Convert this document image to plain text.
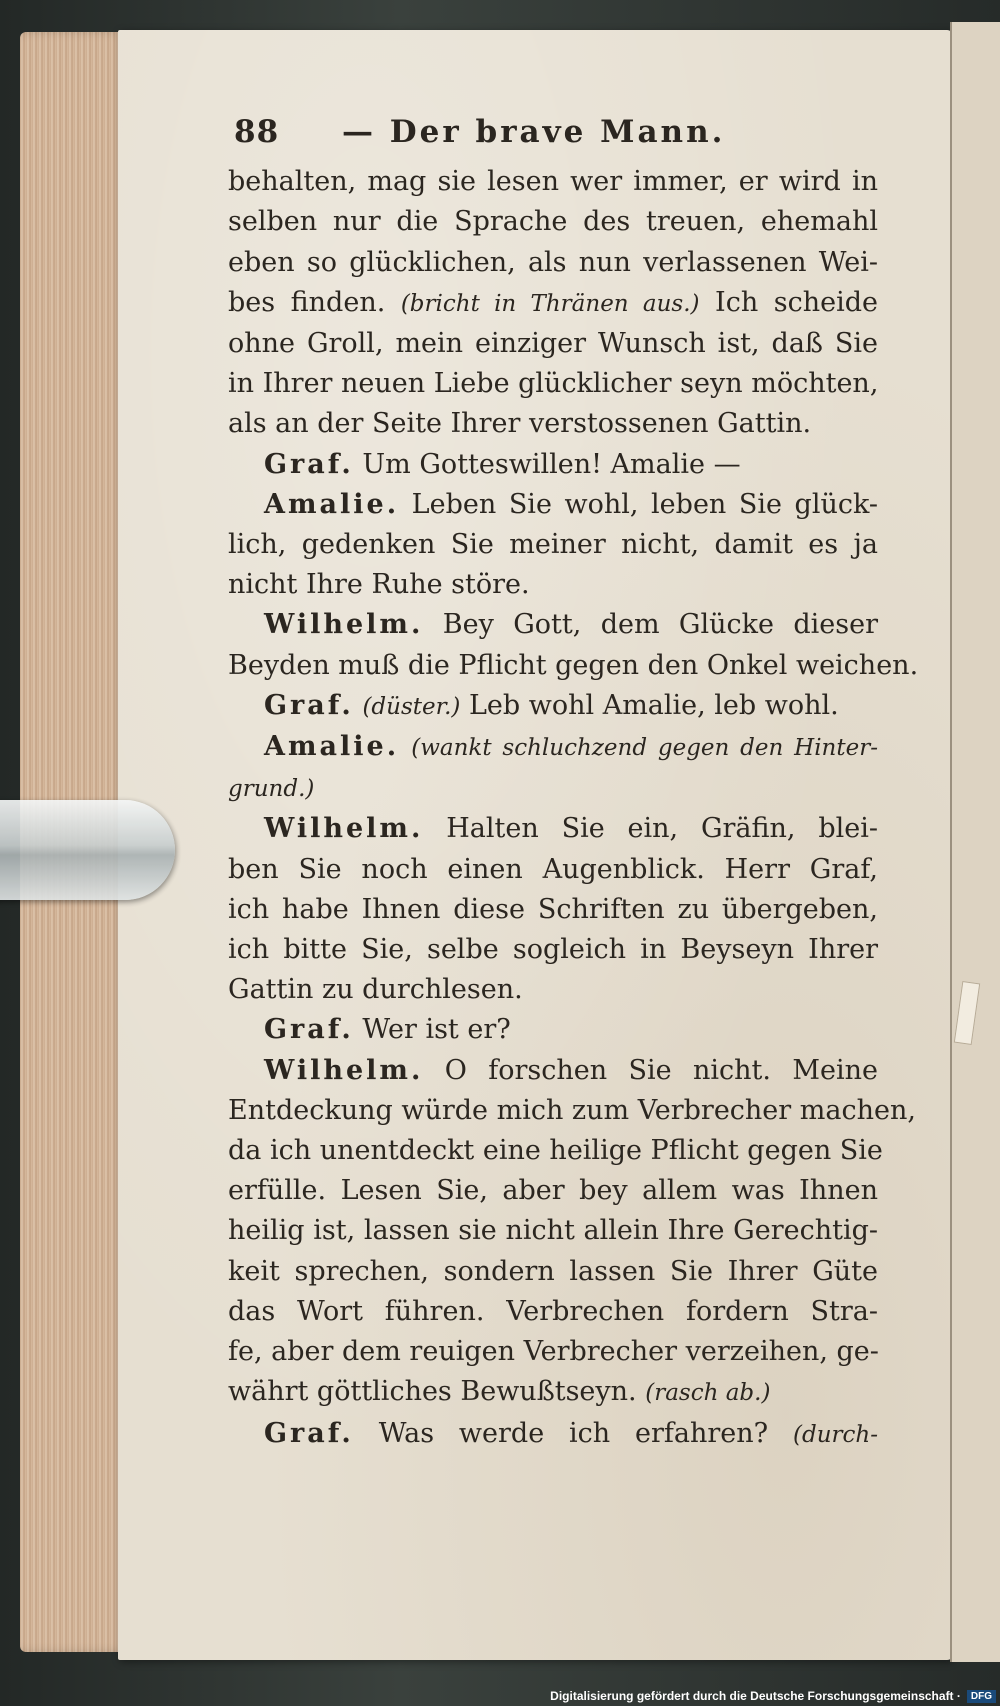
88	— Der brave Mann.
behalten, mag sie lesen wer immer, er wird in
selben nur die Sprache des treuen, ehemahl
eben so glücklichen, als nun verlassenen Wei-
bes finden. (bricht in Thränen aus.) Ich scheide
ohne Groll, mein einziger Wunsch ist, daß Sie
in Ihrer neuen Liebe glücklicher seyn möchten,
als an der Seite Ihrer verstossenen Gattin.
Graf. Um Gotteswillen! Amalie —
Amalie. Leben Sie wohl, leben Sie glück-
lich, gedenken Sie meiner nicht, damit es ja
nicht Ihre Ruhe störe.
Wilhelm. Bey Gott, dem Glücke dieser
Beyden muß die Pflicht gegen den Onkel weichen.
Graf. (düster.) Leb wohl Amalie, leb wohl.
Amalie. (wankt schluchzend gegen den Hinter-
grund.)
Wilhelm. Halten Sie ein, Gräfin, blei-
ben Sie noch einen Augenblick. Herr Graf,
ich habe Ihnen diese Schriften zu übergeben,
ich bitte Sie, selbe sogleich in Beyseyn Ihrer
Gattin zu durchlesen.
Graf. Wer ist er?
Wilhelm. O forschen Sie nicht. Meine
Entdeckung würde mich zum Verbrecher machen,
da ich unentdeckt eine heilige Pflicht gegen Sie
erfülle. Lesen Sie, aber bey allem was Ihnen
heilig ist, lassen sie nicht allein Ihre Gerechtig-
keit sprechen, sondern lassen Sie Ihrer Güte
das Wort führen. Verbrechen fordern Stra-
fe, aber dem reuigen Verbrecher verzeihen, ge-
währt göttliches Bewußtseyn. (rasch ab.)
Graf. Was werde ich erfahren? (durch-
Digitalisierung gefördert durch die Deutsche Forschungsgemeinschaft ·	DFG
